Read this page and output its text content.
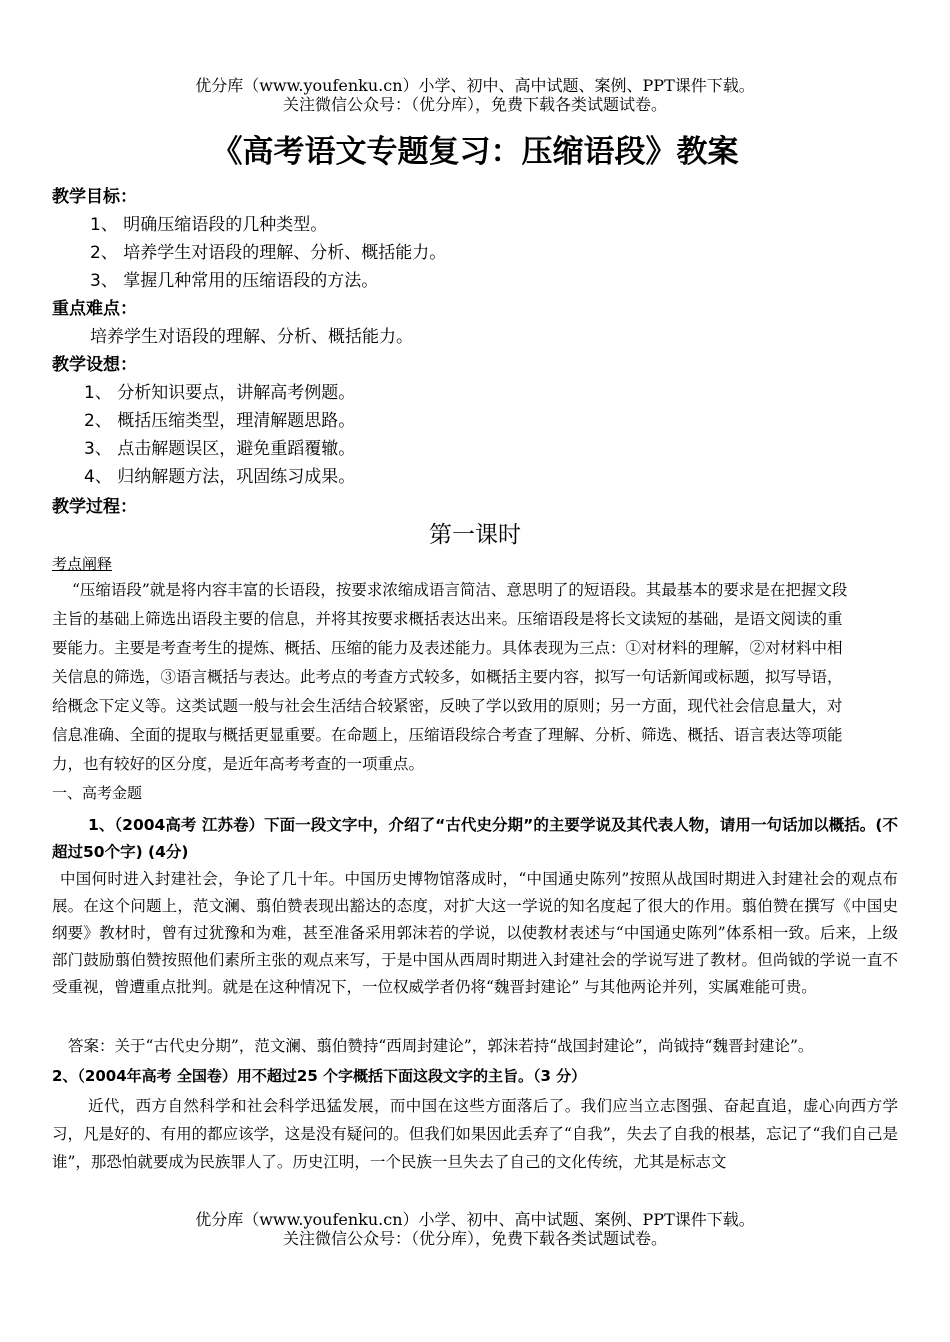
优分库（www.youfenku.cn）小学、初中、高中试题、案例、PPT课件下载。
关注微信公众号：（优分库），免费下载各类试题试卷。
《高考语文专题复习：压缩语段》教案
教学目标：
1、 明确压缩语段的几种类型。
2、 培养学生对语段的理解、分析、概括能力。
3、 掌握几种常用的压缩语段的方法。
重点难点：
培养学生对语段的理解、分析、概括能力。
教学设想：
1、 分析知识要点，讲解高考例题。
2、 概括压缩类型，理清解题思路。
3、 点击解题误区，避免重蹈覆辙。
4、 归纳解题方法，巩固练习成果。
教学过程：
第一课时
考点阐释
“压缩语段”就是将内容丰富的长语段，按要求浓缩成语言简洁、意思明了的短语段。其最基本的要求是在把握文段
主旨的基础上筛选出语段主要的信息，并将其按要求概括表达出来。压缩语段是将长文读短的基础，是语文阅读的重
要能力。主要是考查考生的提炼、概括、压缩的能力及表述能力。具体表现为三点：①对材料的理解，②对材料中相
关信息的筛选，③语言概括与表达。此考点的考查方式较多，如概括主要内容，拟写一句话新闻或标题，拟写导语，
给概念下定义等。这类试题一般与社会生活结合较紧密，反映了学以致用的原则；另一方面，现代社会信息量大，对
信息准确、全面的提取与概括更显重要。在命题上，压缩语段综合考查了理解、分析、筛选、概括、语言表达等项能
力，也有较好的区分度，是近年高考考查的一项重点。
一、高考金题
1、（2004高考 江苏卷）下面一段文字中，介绍了“古代史分期”的主要学说及其代表人物，请用一句话加以概括。(不超过50个字) (4分)
中国何时进入封建社会，争论了几十年。中国历史博物馆落成时，“中国通史陈列”按照从战国时期进入封建社会的观点布展。在这个问题上，范文澜、翦伯赞表现出豁达的态度，对扩大这一学说的知名度起了很大的作用。翦伯赞在撰写《中国史纲要》教材时，曾有过犹豫和为难，甚至准备采用郭沫若的学说，以使教材表述与“中国通史陈列”体系相一致。后来，上级部门鼓励翦伯赞按照他们素所主张的观点来写，于是中国从西周时期进入封建社会的学说写进了教材。但尚钺的学说一直不受重视，曾遭重点批判。就是在这种情况下，一位权威学者仍将“魏晋封建论” 与其他两论并列，实属难能可贵。
答案：关于“古代史分期”，范文澜、翦伯赞持“西周封建论”，郭沫若持“战国封建论”，尚钺持“魏晋封建论”。
2、（2004年高考 全国卷）用不超过25 个字概括下面这段文字的主旨。（3 分）
近代，西方自然科学和社会科学迅猛发展，而中国在这些方面落后了。我们应当立志图强、奋起直追，虚心向西方学习，凡是好的、有用的都应该学，这是没有疑问的。但我们如果因此丢弃了“自我”，失去了自我的根基，忘记了“我们自己是谁”，那恐怕就要成为民族罪人了。历史江明，一个民族一旦失去了自己的文化传统，尤其是标志文
优分库（www.youfenku.cn）小学、初中、高中试题、案例、PPT课件下载。
关注微信公众号：（优分库），免费下载各类试题试卷。
